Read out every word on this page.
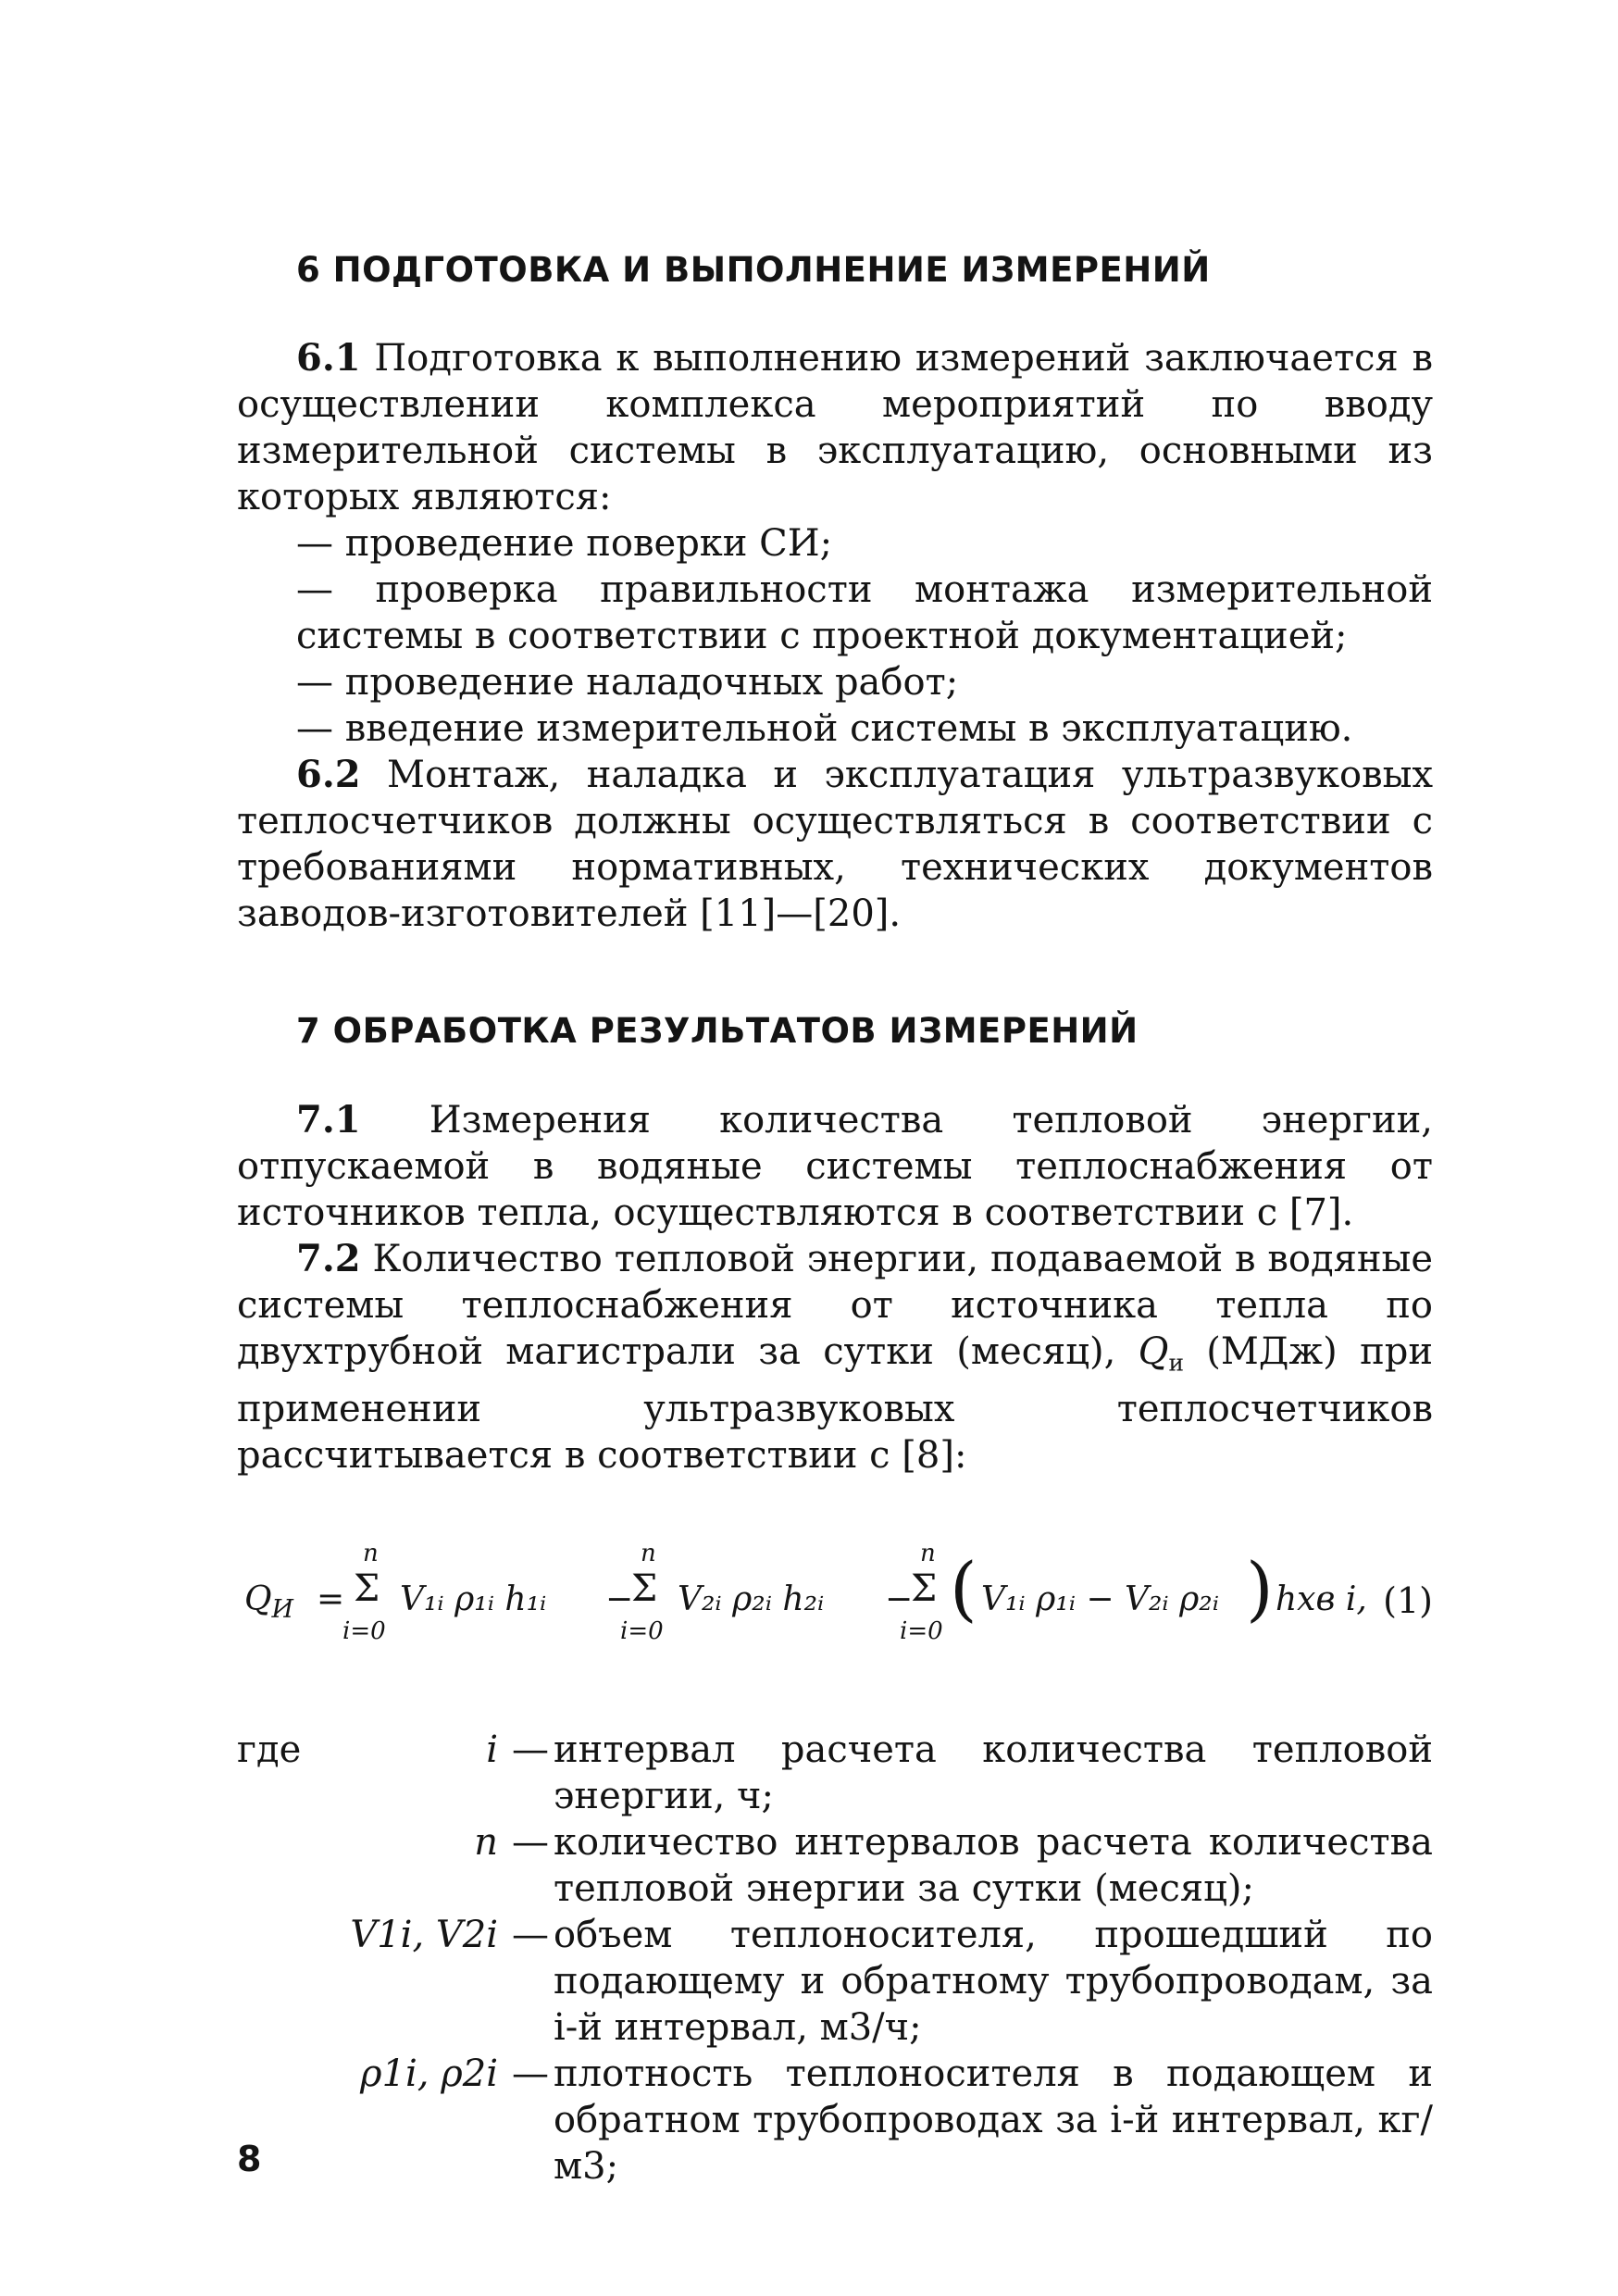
6 ПОДГОТОВКА И ВЫПОЛНЕНИЕ ИЗМЕРЕНИЙ

6.1 Подготовка к выполнению измерений заключается в осуществлении комплекса мероприятий по вводу измерительной системы в эксплуатацию, основными из которых являются:

— проведение поверки СИ;

— проверка правильности монтажа измерительной системы в соответствии с проектной документацией;

— проведение наладочных работ;

— введение измерительной системы в эксплуатацию.

6.2 Монтаж, наладка и эксплуатация ультразвуковых теплосчетчиков должны осуществляться в соответствии с требованиями нормативных, технических документов заводов-изготовителей [11]—[20].

7 ОБРАБОТКА РЕЗУЛЬТАТОВ ИЗМЕРЕНИЙ

7.1 Измерения количества тепловой энергии, отпускаемой в водяные системы теплоснабжения от источников тепла, осуществляются в соответствии с [7].

7.2 Количество тепловой энергии, подаваемой в водяные системы теплоснабжения от источника тепла по двухтрубной магистрали за сутки (месяц), $Q_и$ (МДж) при применении ультразвуковых теплосчетчиков рассчитывается в соответствии с [8]:

$Q_И$ =
n
Σ
i=0
V₁ᵢ ρ₁ᵢ h₁ᵢ −
n
Σ
i=0
V₂ᵢ ρ₂ᵢ h₂ᵢ −
n
Σ
i=0
( V₁ᵢ ρ₁ᵢ − V₂ᵢ ρ₂ᵢ ) hхв i, (1)
где	i — интервал расчета количества тепловой энергии, ч;
n — количество интервалов расчета количества тепловой энергии за сутки (месяц);
V1i, V2i — объем теплоносителя, прошедший по подающему и обратному трубопроводам, за i-й интервал, м3/ч;
ρ1i, ρ2i — плотность теплоносителя в подающем и обратном трубопроводах за i-й интервал, кг/м3;
8
